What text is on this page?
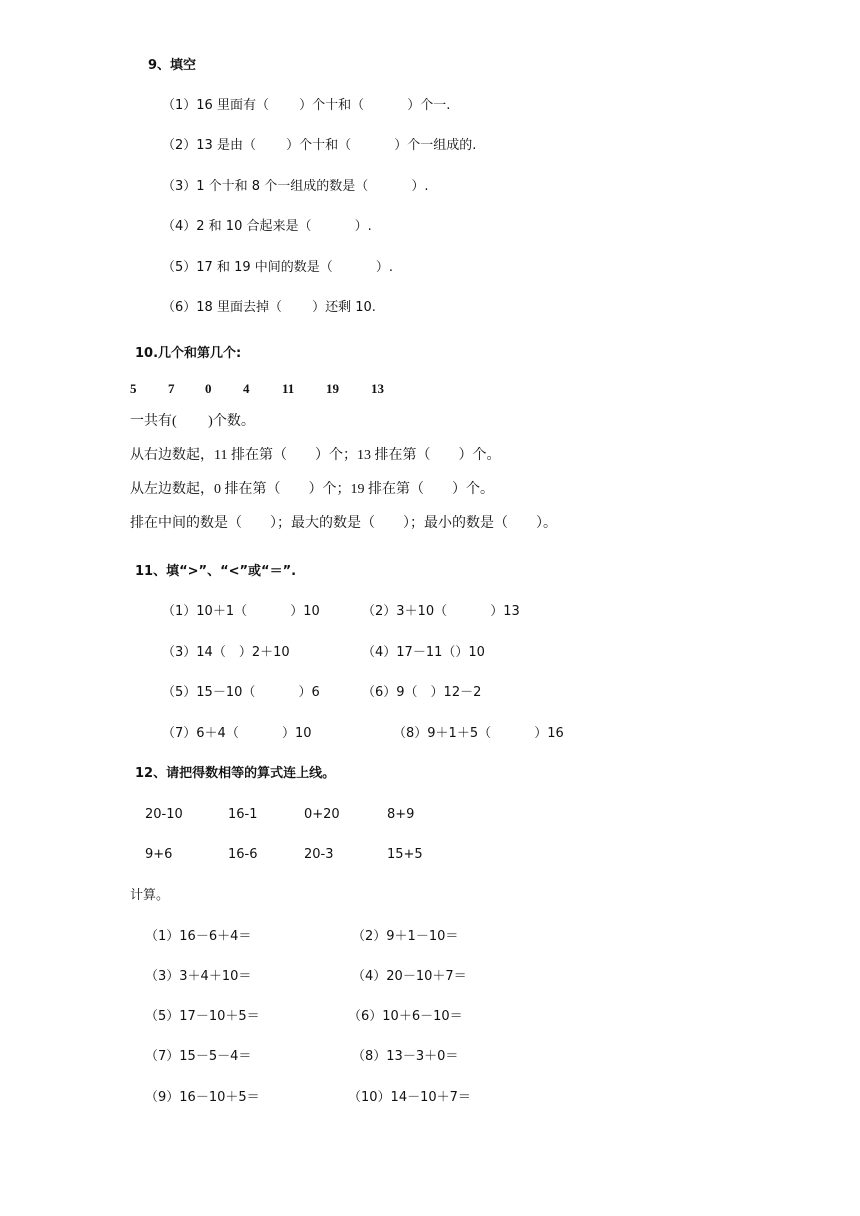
9、填空
（1）16 里面有（　　 ）个十和（　　　 ）个一.
（2）13 是由（　　 ）个十和（　　　 ）个一组成的.
（3）1 个十和 8 个一组成的数是（　　　 ）.
（4）2 和 10 合起来是（　　　 ）.
（5）17 和 19 中间的数是（　　　 ）.
（6）18 里面去掉（　　 ）还剩 10.
10.几个和第几个:
5 7 0 4	11 19 13
一共有(　　 )个数。
从右边数起，11 排在第（　　）个；13 排在第（　　）个。
从左边数起，0 排在第（　　）个；19 排在第（　　）个。
排在中间的数是（　　）；最大的数是（　　）；最小的数是（　　）。
11、填“>”、“<”或“＝”.
（1）10＋1（　　　 ）10	（2）3＋10（　　　 ）13
（3）14（　）2＋10	（4）17－11（）10
（5）15－10（　　　 ）6	（6）9（　）12－2
（7）6＋4（　　　 ）10	（8）9＋1＋5（　　　 ）16
12、请把得数相等的算式连上线。
20-10	16-1	0+20	8+9
9+6	16-6	20-3	15+5
计算。
（1）16－6＋4＝	（2）9＋1－10＝
（3）3＋4＋10＝	（4）20－10＋7＝
（5）17－10＋5＝	（6）10＋6－10＝
（7）15－5－4＝	（8）13－3＋0＝
（9）16－10＋5＝	（10）14－10＋7＝
